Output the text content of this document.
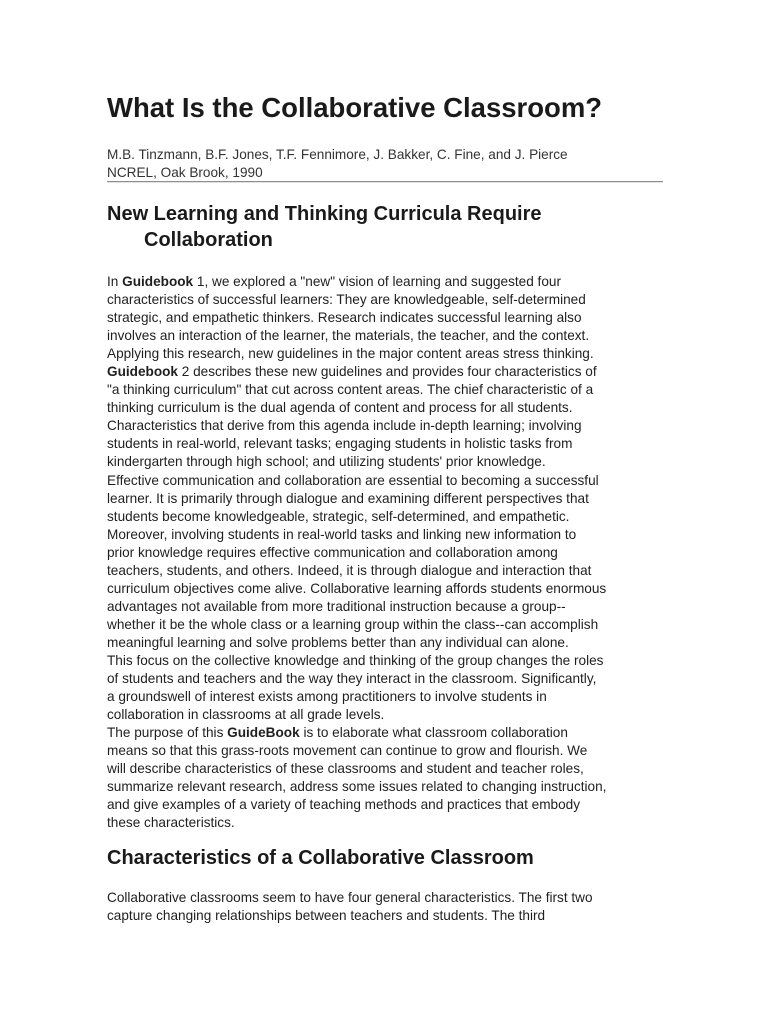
What Is the Collaborative Classroom?

M.B. Tinzmann, B.F. Jones, T.F. Fennimore, J. Bakker, C. Fine, and J. Pierce
NCREL, Oak Brook, 1990

New Learning and Thinking Curricula Require
Collaboration

In Guidebook 1, we explored a "new" vision of learning and suggested four
characteristics of successful learners: They are knowledgeable, self-determined
strategic, and empathetic thinkers. Research indicates successful learning also
involves an interaction of the learner, the materials, the teacher, and the context.
Applying this research, new guidelines in the major content areas stress thinking.
Guidebook 2 describes these new guidelines and provides four characteristics of
"a thinking curriculum" that cut across content areas. The chief characteristic of a
thinking curriculum is the dual agenda of content and process for all students.
Characteristics that derive from this agenda include in-depth learning; involving
students in real-world, relevant tasks; engaging students in holistic tasks from
kindergarten through high school; and utilizing students' prior knowledge.
Effective communication and collaboration are essential to becoming a successful
learner. It is primarily through dialogue and examining different perspectives that
students become knowledgeable, strategic, self-determined, and empathetic.
Moreover, involving students in real-world tasks and linking new information to
prior knowledge requires effective communication and collaboration among
teachers, students, and others. Indeed, it is through dialogue and interaction that
curriculum objectives come alive. Collaborative learning affords students enormous
advantages not available from more traditional instruction because a group--
whether it be the whole class or a learning group within the class--can accomplish
meaningful learning and solve problems better than any individual can alone.
This focus on the collective knowledge and thinking of the group changes the roles
of students and teachers and the way they interact in the classroom. Significantly,
a groundswell of interest exists among practitioners to involve students in
collaboration in classrooms at all grade levels.
The purpose of this GuideBook is to elaborate what classroom collaboration
means so that this grass-roots movement can continue to grow and flourish. We
will describe characteristics of these classrooms and student and teacher roles,
summarize relevant research, address some issues related to changing instruction,
and give examples of a variety of teaching methods and practices that embody
these characteristics.

Characteristics of a Collaborative Classroom

Collaborative classrooms seem to have four general characteristics. The first two
capture changing relationships between teachers and students. The third
